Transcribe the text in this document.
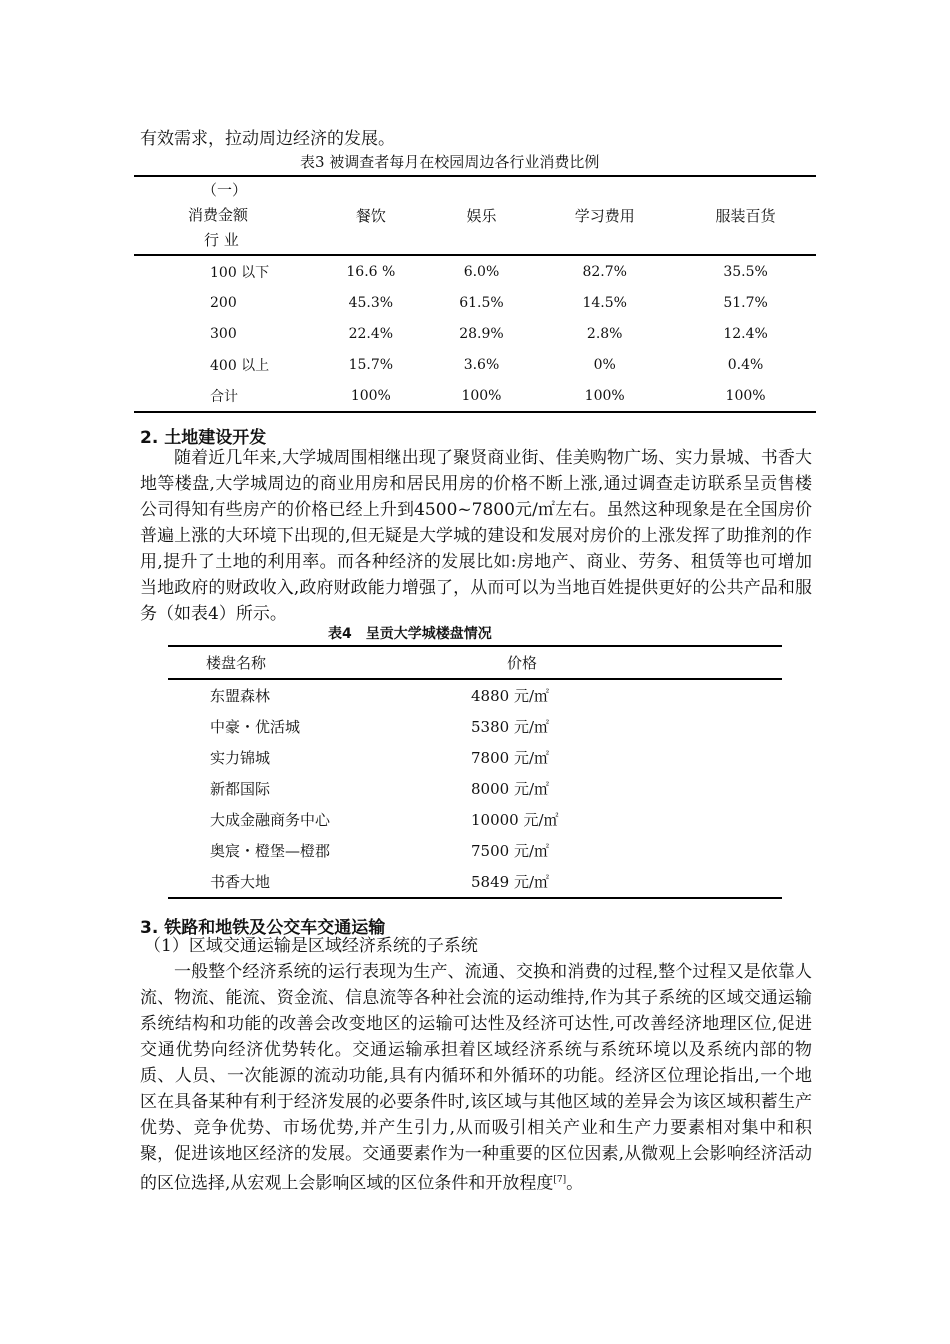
有效需求，拉动周边经济的发展。
表3 被调查者每月在校园周边各行业消费比例
（一）
消费金额
行 业	餐饮	娱乐	学习费用	服装百货
100 以下	16.6 %	6.0%	82.7%	35.5%
200	45.3%	61.5%	14.5%	51.7%
300	22.4%	28.9%	2.8%	12.4%
400 以上	15.7%	3.6%	0%	0.4%
合计	100%	100%	100%	100%
2. 土地建设开发

随着近几年来,大学城周围相继出现了聚贤商业街、佳美购物广场、实力景城、书香大地等楼盘,大学城周边的商业用房和居民用房的价格不断上涨,通过调查走访联系呈贡售楼公司得知有些房产的价格已经上升到4500~7800元/㎡左右。虽然这种现象是在全国房价普遍上涨的大环境下出现的,但无疑是大学城的建设和发展对房价的上涨发挥了助推剂的作用,提升了土地的利用率。而各种经济的发展比如:房地产、商业、劳务、租赁等也可增加当地政府的财政收入,政府财政能力增强了，从而可以为当地百姓提供更好的公共产品和服务（如表4）所示。

表4　呈贡大学城楼盘情况
楼盘名称	价格
东盟森林	4880 元/㎡
中豪・优活城	5380 元/㎡
实力锦城	7800 元/㎡
新都国际	8000 元/㎡
大成金融商务中心	10000 元/㎡
奥宸・橙堡—橙郡	7500 元/㎡
书香大地	5849 元/㎡
3. 铁路和地铁及公交车交通运输
（1）区域交通运输是区域经济系统的子系统

一般整个经济系统的运行表现为生产、流通、交换和消费的过程,整个过程又是依靠人流、物流、能流、资金流、信息流等各种社会流的运动维持,作为其子系统的区域交通运输系统结构和功能的改善会改变地区的运输可达性及经济可达性,可改善经济地理区位,促进交通优势向经济优势转化。交通运输承担着区域经济系统与系统环境以及系统内部的物质、人员、一次能源的流动功能,具有内循环和外循环的功能。经济区位理论指出,一个地区在具备某种有利于经济发展的必要条件时,该区域与其他区域的差异会为该区域积蓄生产优势、竞争优势、市场优势,并产生引力,从而吸引相关产业和生产力要素相对集中和积聚，促进该地区经济的发展。交通要素作为一种重要的区位因素,从微观上会影响经济活动的区位选择,从宏观上会影响区域的区位条件和开放程度[7]。
